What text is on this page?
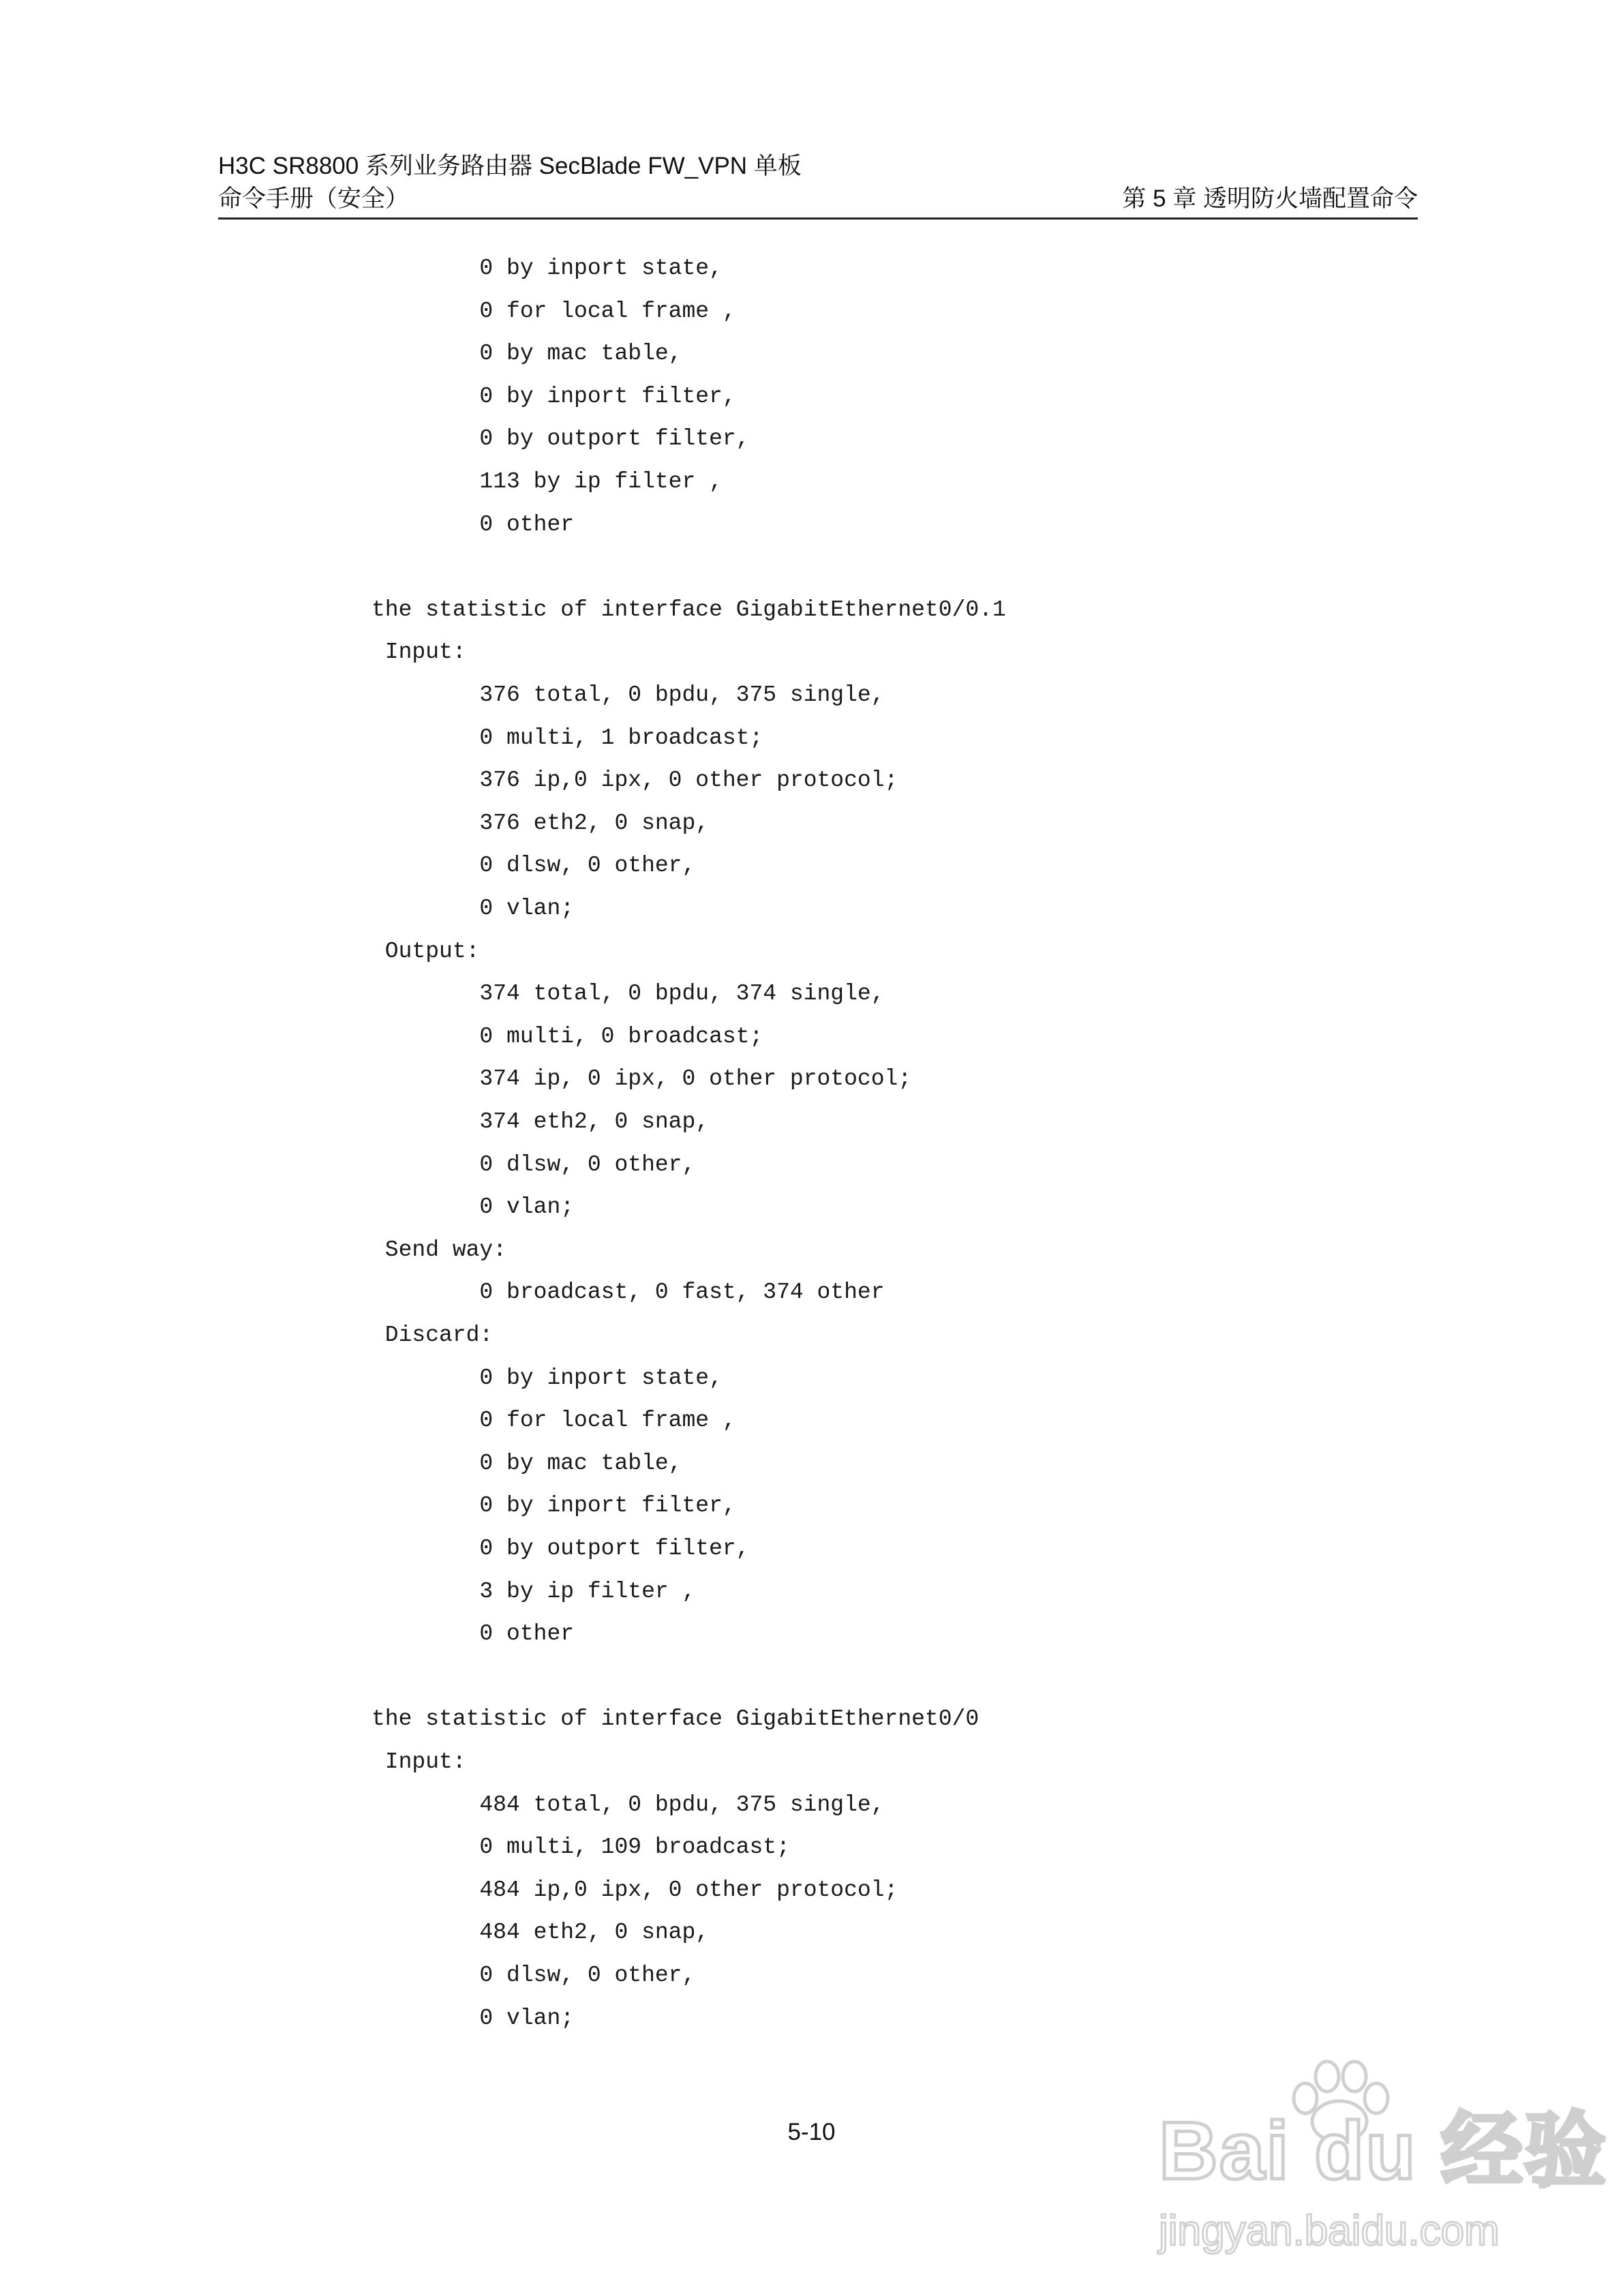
H3C SR8800 系列业务路由器 SecBlade FW_VPN 单板
命令手册（安全）	第 5 章 透明防火墙配置命令
0 by inport state,
0 for local frame ,
0 by mac table,
0 by inport filter,
0 by outport filter,
113 by ip filter ,
0 other
the statistic of interface GigabitEthernet0/0.1
Input:
376 total, 0 bpdu, 375 single,
0 multi, 1 broadcast;
376 ip,0 ipx, 0 other protocol;
376 eth2, 0 snap,
0 dlsw, 0 other,
0 vlan;
Output:
374 total, 0 bpdu, 374 single,
0 multi, 0 broadcast;
374 ip, 0 ipx, 0 other protocol;
374 eth2, 0 snap,
0 dlsw, 0 other,
0 vlan;
Send way:
0 broadcast, 0 fast, 374 other
Discard:
0 by inport state,
0 for local frame ,
0 by mac table,
0 by inport filter,
0 by outport filter,
3 by ip filter ,
0 other
the statistic of interface GigabitEthernet0/0
Input:
484 total, 0 bpdu, 375 single,
0 multi, 109 broadcast;
484 ip,0 ipx, 0 other protocol;
484 eth2, 0 snap,
0 dlsw, 0 other,
0 vlan;
5-10	Bai du 经验
jingyan.baidu.com
